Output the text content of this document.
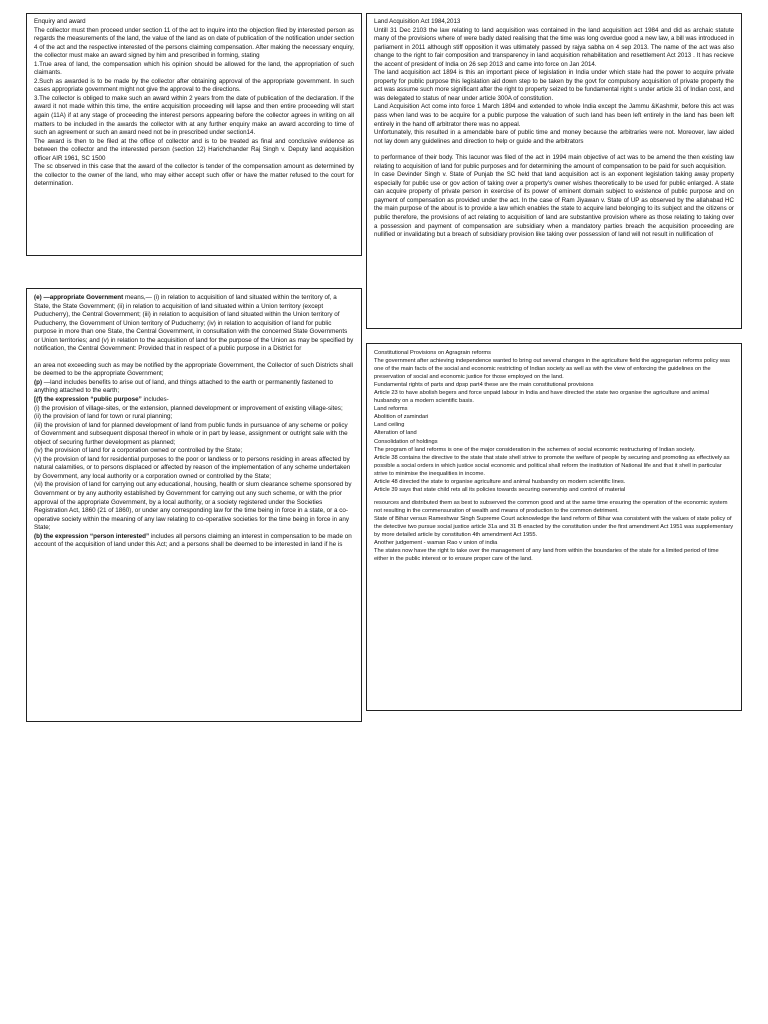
Enquiry and award

The collector must then proceed under section 11 of the act to inquire into the objection filed by interested person as regards the measurements of the land, the value of the land as on date of publication of the notification under section 4 of the act and the respective interested of the persons claiming compensation. After making the necessary enquiry, the collector must make an award signed by him and prescribed in forming, stating

1.True area of land, the compensation which his opinion should be allowed for the land, the appropriation of such claimants.

2.Such as awarded is to be made by the collector after obtaining approval of the appropriate government. In such cases appropriate government might not give the approval to the directions.

3.The collector is obliged to make such an award within 2 years from the date of publication of the declaration. If the award it not made within this time, the entire acquisition proceeding will lapse and then entire proceeding will start again (11A) if at any stage of proceeding the interest persons appearing before the collector agrees in writing on all matters to be included in the awards the collector with at any further enquiry make an award according to time of such an agreement or such an award need not be in prescribed under section14.

The award is then to be filed at the office of collector and is to be treated as final and conclusive evidence as between the collector and the interested person (section 12) Harichchander Raj Singh v. Deputy land acquisition officer AIR 1961, SC 1500

The sc observed in this case that the award of the collector is tender of the compensation amount as determined by the collector to the owner of the land, who may either accept such offer or have the matter refused to the court for determination.

(e) —appropriate Government means,— (i) in relation to acquisition of land situated within the territory of, a State, the State Government; (ii) in relation to acquisition of land situated within a Union territory (except Puducherry), the Central Government; (iii) in relation to acquisition of land situated within the Union territory of Puducherry, the Government of Union territory of Puducherry; (iv) in relation to acquisition of land for public purpose in more than one State, the Central Government, in consultation with the concerned State Governments or Union territories; and (v) in relation to the acquisition of land for the purpose of the Union as may be specified by notification, the Central Government: Provided that in respect of a public purpose in a District for

an area not exceeding such as may be notified by the appropriate Government, the Collector of such Districts shall be deemed to be the appropriate Government;

(p) —land includes benefits to arise out of land, and things attached to the earth or permanently fastened to anything attached to the earth;

[(f) the expression “public purpose” includes-

(i) the provision of village-sites, or the extension, planned development or improvement of existing village-sites;

(ii) the provision of land for town or rural planning;

(iii) the provision of land for planned development of land from public funds in pursuance of any scheme or policy

of Government and subsequent disposal thereof in whole or in part by lease, assignment or outright sale with the object of securing further development as planned;

(iv) the provision of land for a corporation owned or controlled by the State;

(v) the provision of land for residential purposes to the poor or landless or to persons residing in areas affected by natural calamities, or to persons displaced or affected by reason of the implementation of any scheme undertaken by Government, any local authority or a corporation owned or controlled by the State;

(vi) the provision of land for carrying out any educational, housing, health or slum clearance scheme sponsored by Government or by any authority established by Government for carrying out any such scheme, or with the prior approval of the appropriate Government, by a local authority, or a society registered under the Societies Registration Act, 1860 (21 of 1860), or under any corresponding law for the time being in force in a state, or a co-operative society within the meaning of any law relating to co-operative societies for the time being in force in any State;

(b) the expression “person interested” includes all persons claiming an interest in compensation to be made on account of the acquisition of land under this Act; and a persons shall be deemed to be interested in land if he is

Land Acquisition Act 1984,2013

Untill 31 Dec 2103 the law relating to land acquisition was contained in the land acquisition act 1984 and did as archaic statute many of the provisions where of were badly dated realising that the time was long overdue good a new law, a bill was introduced in parliament in 2011 although stiff opposition it was ultimately passed by rajya sabha on 4 sep 2013. The name of the act was also change to the right to fair composition and transparency in land acquisition rehabilitation and resettlement Act 2013 . It has recieve the accent of president of India on 26 sep 2013 and came into force on Jan 2014.

The land acquisition act 1894 is this an important piece of legislation in India under which state had the power to acquire private property for public purpose this legislation aid down step to be taken by the govt for compulsory acquisition of private property the act was assume such more significant after the right to property seized to be fundamental right s under article 31 of Indian cost, and was delegated to status of near under article 300A of constitution.

Land Acquisition Act come into force 1 March 1894 and extended to whole India except the Jammu &Kashmir, before this act was pass when land was to be acquire for a public purpose the valuation of such land has been left entirely in the land has been left entirely in the hand off arbitrator there was no appeal.

Unfortunately, this resulted in a amendable bare of public time and money because the arbitraries were not. Moreover, law aided not lay down any guidelines and direction to help or guide and the arbitrators

to performance of their body. This lacunor was filed of the act in 1994 main objective of act was to be amend the then existing law relating to acquisition of land for public purposes and for determining the amount of compensation to be paid for such acquisition.

In case Devinder Singh v. State of Punjab the SC held that land acquisition act is an exponent legislation taking away property especially for public use or gov action of taking over a property's owner wishes theoretically to be used for public enlarged. A state can acquire property of private person in exercise of its power of eminent domain subject to existence of public purpose and on payment of compensation as provided under the act. In the case of Ram Jiyawan v. State of UP as observed by the allahabad HC the main purpose of the about is to provide a law which enables the state to acquire land belonging to its subject and the citizens or public therefore, the provisions of act relating to acquisition of land are substantive provision where as those relating to taking over a possession and payment of compensation are subsidiary when a mandatory parties breach the acquisition proceeding are nullified or invalidating but a breach of subsidiary provision like taking over possession of land will not result in nullification of

Constitutional Provisions on Agragrain reforms

The government after achieving independence wanted to bring out several changes in the agriculture field the aggregarian reforms policy was one of the main facts of the social and economic restricting of Indian society as well as with the view of enforcing the guidelines on the preservation of social and economic justice for those employed on the land.

Fundamental rights of parts and dpsp part4 these are the main constitutional provisions

Article 23 to have abolish begers and force unpaid labour in India and have directed the state two organise the agriculture and animal husbandry on a modern scientific basis.

Land reforms

Abolition of zamindari

Land ceiling

Alteration of land

Consolidation of holdings

The program of land reforms is one of the major consideration in the schemes of social economic restructuring of Indian society.

Article 38 contains the directive to the state that state shell strive to promote the welfare of people by securing and promoting as effectively as possible a social orders in which justice social economic and political shall reform the institution of National life and that it shell in particular strive to minimise the inequalities in income.

Article 48 directed the state to organise agriculture and animal husbandry on modern scientific lines.

Article 39 says that state child rets all its policies towards securing ownership and control of material

resources and distributed them as best to subserved the common good and at the same time ensuring the operation of the economic system not resulting in the commensuration of wealth and means of production to the common detriment.

State of Bihar versus Rameshwar Singh Supreme Court acknowledge the land reform of Bihar was consistent with the values of state policy of the detective two pursue social justice article 31a and 31 B enacted by the constitution under the first amendment Act 1951 was supplementary by more detailed article by constitution 4th amendment Act 1955.

Another judgement - waman Rao v union of india

The states now have the right to take over the management of any land from within the boundaries of the state for a limited period of time either in the public interest or to ensure proper care of the land.
